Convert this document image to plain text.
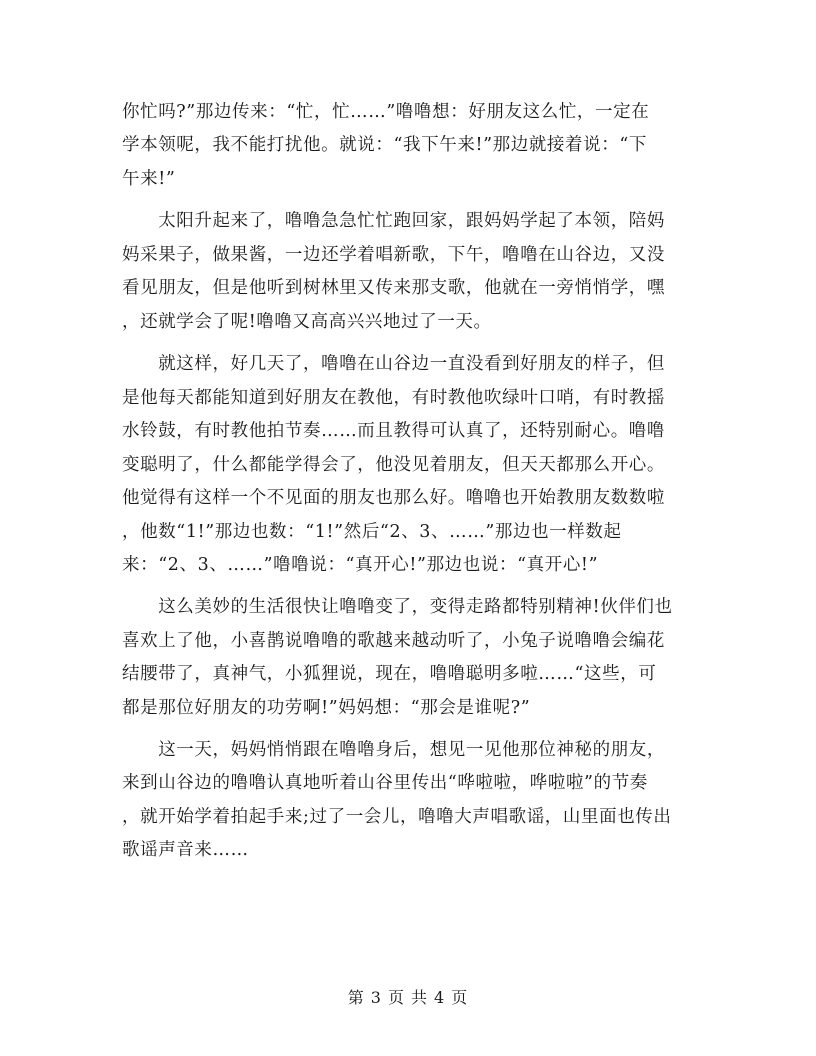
你忙吗?”那边传来：“忙，忙……”噜噜想：好朋友这么忙，一定在
学本领呢，我不能打扰他。就说：“我下午来!”那边就接着说：“下
午来!”
　　太阳升起来了，噜噜急急忙忙跑回家，跟妈妈学起了本领，陪妈
妈采果子，做果酱，一边还学着唱新歌，下午，噜噜在山谷边，又没
看见朋友，但是他听到树林里又传来那支歌，他就在一旁悄悄学，嘿
，还就学会了呢!噜噜又高高兴兴地过了一天。
　　就这样，好几天了，噜噜在山谷边一直没看到好朋友的样子，但
是他每天都能知道到好朋友在教他，有时教他吹绿叶口哨，有时教摇
水铃鼓，有时教他拍节奏……而且教得可认真了，还特别耐心。噜噜
变聪明了，什么都能学得会了，他没见着朋友，但天天都那么开心。
他觉得有这样一个不见面的朋友也那么好。噜噜也开始教朋友数数啦
，他数“1!”那边也数：“1!”然后“2、3、……”那边也一样数起
来：“2、3、……”噜噜说：“真开心!”那边也说：“真开心!”
　　这么美妙的生活很快让噜噜变了，变得走路都特别精神!伙伴们也
喜欢上了他，小喜鹊说噜噜的歌越来越动听了，小兔子说噜噜会编花
结腰带了，真神气，小狐狸说，现在，噜噜聪明多啦……“这些，可
都是那位好朋友的功劳啊!”妈妈想：“那会是谁呢?”
　　这一天，妈妈悄悄跟在噜噜身后，想见一见他那位神秘的朋友，
来到山谷边的噜噜认真地听着山谷里传出“哗啦啦，哗啦啦”的节奏
，就开始学着拍起手来;过了一会儿，噜噜大声唱歌谣，山里面也传出
歌谣声音来……
第 3 页 共 4 页
